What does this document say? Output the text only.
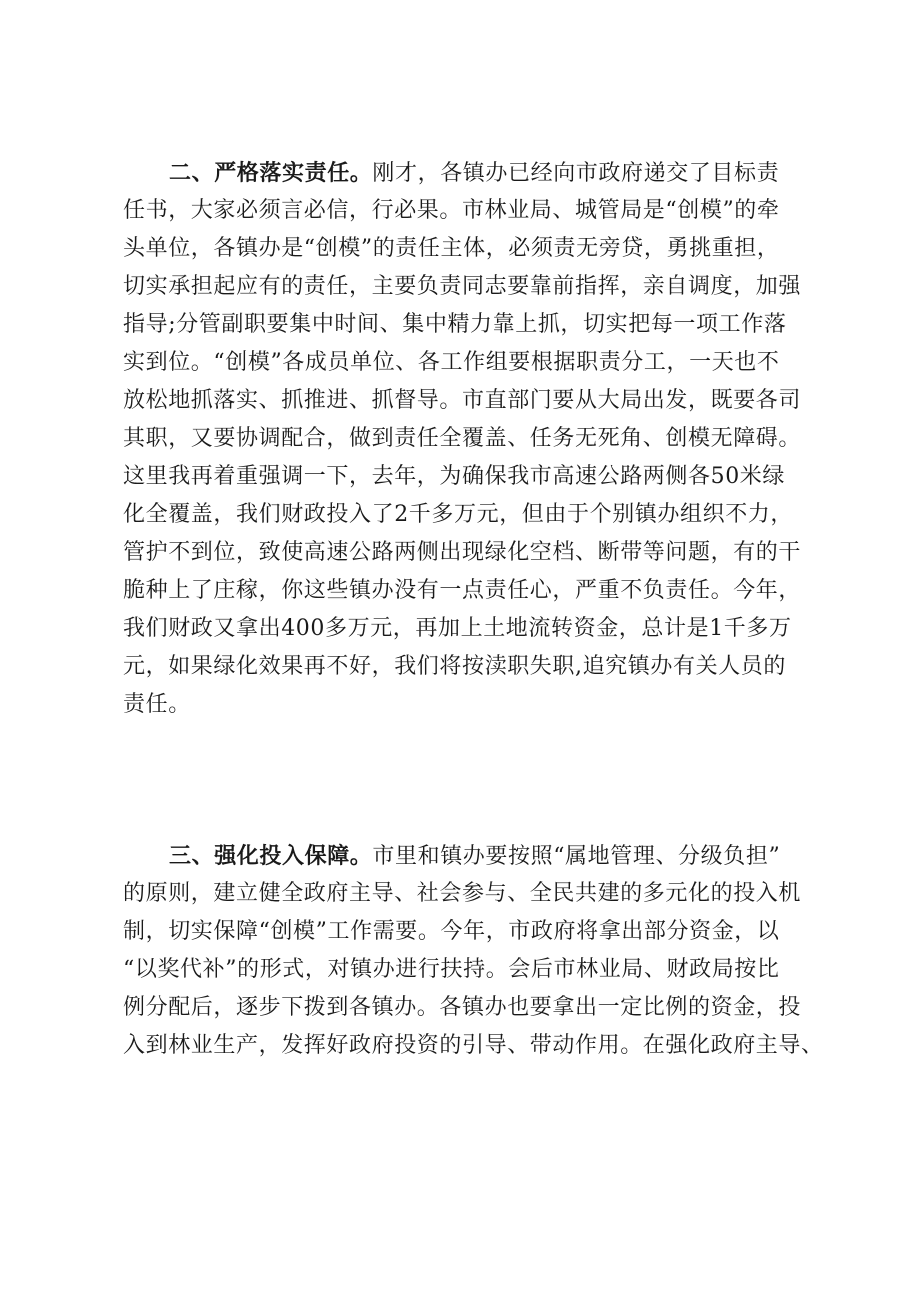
二、严格落实责任。刚才，各镇办已经向市政府递交了目标责
任书，大家必须言必信，行必果。市林业局、城管局是“创模”的牵
头单位，各镇办是“创模”的责任主体，必须责无旁贷，勇挑重担，
切实承担起应有的责任，主要负责同志要靠前指挥，亲自调度，加强
指导;分管副职要集中时间、集中精力靠上抓，切实把每一项工作落
实到位。“创模”各成员单位、各工作组要根据职责分工，一天也不
放松地抓落实、抓推进、抓督导。市直部门要从大局出发，既要各司
其职，又要协调配合，做到责任全覆盖、任务无死角、创模无障碍。
这里我再着重强调一下，去年，为确保我市高速公路两侧各50米绿
化全覆盖，我们财政投入了2千多万元，但由于个别镇办组织不力，
管护不到位，致使高速公路两侧出现绿化空档、断带等问题，有的干
脆种上了庄稼，你这些镇办没有一点责任心，严重不负责任。今年，
我们财政又拿出400多万元，再加上土地流转资金，总计是1千多万
元，如果绿化效果再不好，我们将按渎职失职,追究镇办有关人员的
责任。
三、强化投入保障。市里和镇办要按照“属地管理、分级负担”
的原则，建立健全政府主导、社会参与、全民共建的多元化的投入机
制，切实保障“创模”工作需要。今年，市政府将拿出部分资金，以
“以奖代补”的形式，对镇办进行扶持。会后市林业局、财政局按比
例分配后，逐步下拨到各镇办。各镇办也要拿出一定比例的资金，投
入到林业生产，发挥好政府投资的引导、带动作用。在强化政府主导、
